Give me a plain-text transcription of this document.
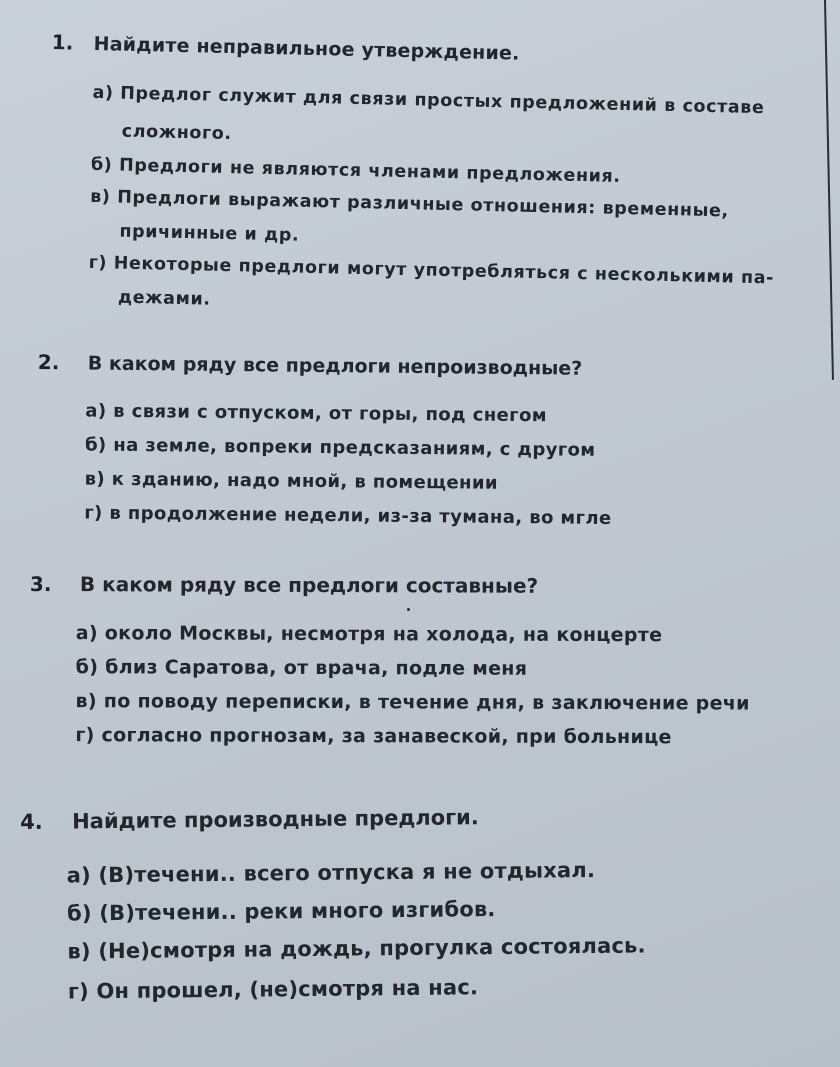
1.	Найдите неправильное утверждение.
а) Предлог служит для связи простых предложений в составе
сложного.
б) Предлоги не являются членами предложения.
в) Предлоги выражают различные отношения: временные,
причинные и др.
г) Некоторые предлоги могут употребляться с несколькими па-
дежами.
2.	В каком ряду все предлоги непроизводные?
а) в связи с отпуском, от горы, под снегом
б) на земле, вопреки предсказаниям, с другом
в) к зданию, надо мной, в помещении
г) в продолжение недели, из-за тумана, во мгле
3.	В каком ряду все предлоги составные?
а) около Москвы, несмотря на холода, на концерте
б) близ Саратова, от врача, подле меня
в) по поводу переписки, в течение дня, в заключение речи
г) согласно прогнозам, за занавеской, при больнице
4.	Найдите производные предлоги.
а) (В)течени.. всего отпуска я не отдыхал.
б) (В)течени.. реки много изгибов.
в) (Не)смотря на дождь, прогулка состоялась.
г) Он прошел, (не)смотря на нас.
